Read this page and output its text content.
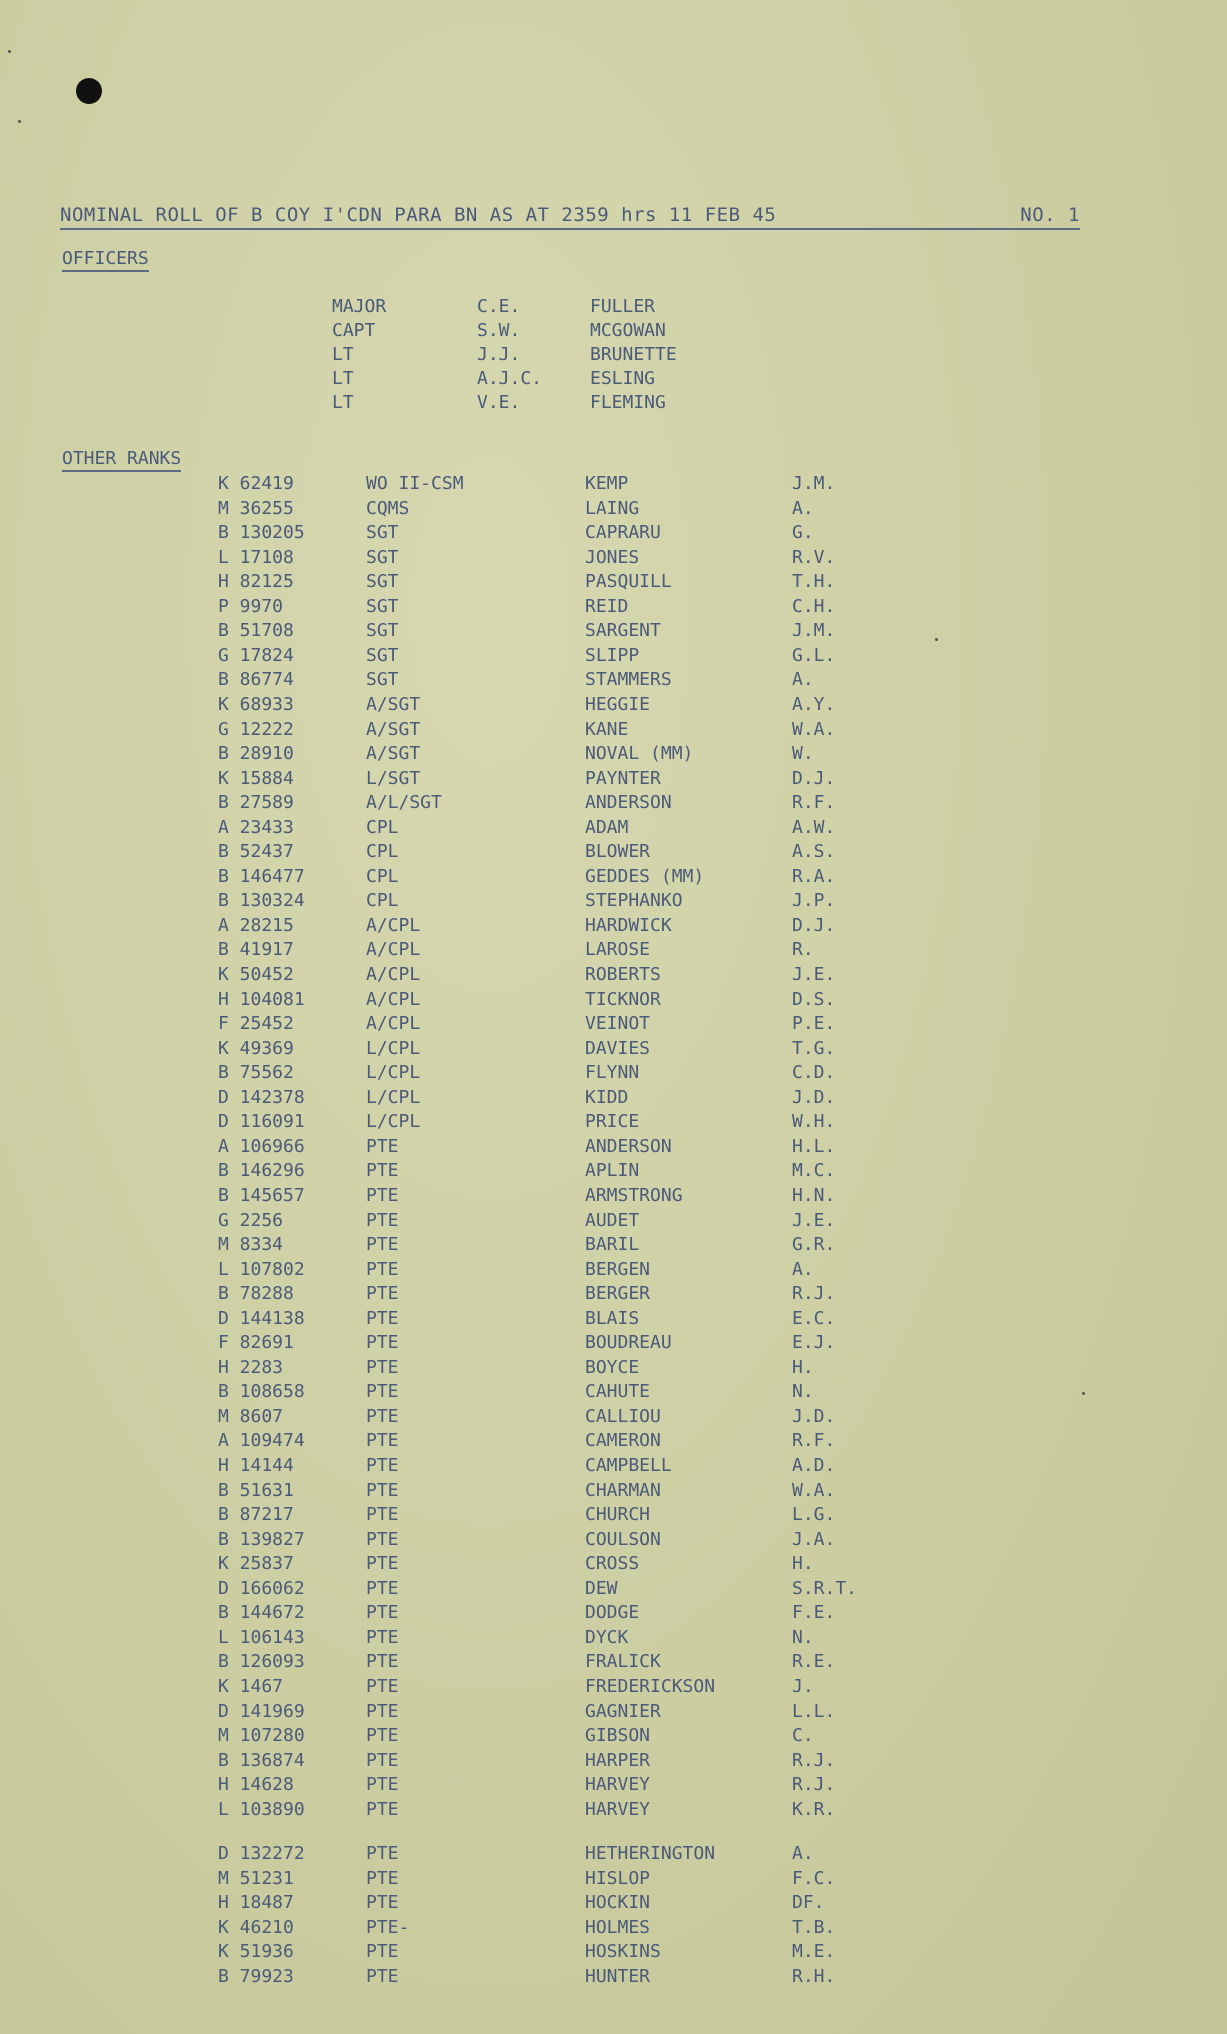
NOMINAL ROLL OF B COY I'CDN PARA BN AS AT 2359 hrs 11 FEB 45	NO. 1
OFFICERS
MAJOR	C.E.	FULLER
CAPT	S.W.	MCGOWAN
LT	J.J.	BRUNETTE
LT	A.J.C.	ESLING
LT	V.E.	FLEMING
OTHER RANKS
K 62419	WO II-CSM	KEMP	J.M.
M 36255	CQMS	LAING	A.
B 130205	SGT	CAPRARU	G.
L 17108	SGT	JONES	R.V.
H 82125	SGT	PASQUILL	T.H.
P 9970	SGT	REID	C.H.
B 51708	SGT	SARGENT	J.M.
G 17824	SGT	SLIPP	G.L.
B 86774	SGT	STAMMERS	A.
K 68933	A/SGT	HEGGIE	A.Y.
G 12222	A/SGT	KANE	W.A.
B 28910	A/SGT	NOVAL (MM)	W.
K 15884	L/SGT	PAYNTER	D.J.
B 27589	A/L/SGT	ANDERSON	R.F.
A 23433	CPL	ADAM	A.W.
B 52437	CPL	BLOWER	A.S.
B 146477	CPL	GEDDES (MM)	R.A.
B 130324	CPL	STEPHANKO	J.P.
A 28215	A/CPL	HARDWICK	D.J.
B 41917	A/CPL	LAROSE	R.
K 50452	A/CPL	ROBERTS	J.E.
H 104081	A/CPL	TICKNOR	D.S.
F 25452	A/CPL	VEINOT	P.E.
K 49369	L/CPL	DAVIES	T.G.
B 75562	L/CPL	FLYNN	C.D.
D 142378	L/CPL	KIDD	J.D.
D 116091	L/CPL	PRICE	W.H.
A 106966	PTE	ANDERSON	H.L.
B 146296	PTE	APLIN	M.C.
B 145657	PTE	ARMSTRONG	H.N.
G 2256	PTE	AUDET	J.E.
M 8334	PTE	BARIL	G.R.
L 107802	PTE	BERGEN	A.
B 78288	PTE	BERGER	R.J.
D 144138	PTE	BLAIS	E.C.
F 82691	PTE	BOUDREAU	E.J.
H 2283	PTE	BOYCE	H.
B 108658	PTE	CAHUTE	N.
M 8607	PTE	CALLIOU	J.D.
A 109474	PTE	CAMERON	R.F.
H 14144	PTE	CAMPBELL	A.D.
B 51631	PTE	CHARMAN	W.A.
B 87217	PTE	CHURCH	L.G.
B 139827	PTE	COULSON	J.A.
K 25837	PTE	CROSS	H.
D 166062	PTE	DEW	S.R.T.
B 144672	PTE	DODGE	F.E.
L 106143	PTE	DYCK	N.
B 126093	PTE	FRALICK	R.E.
K 1467	PTE	FREDERICKSON	J.
D 141969	PTE	GAGNIER	L.L.
M 107280	PTE	GIBSON	C.
B 136874	PTE	HARPER	R.J.
H 14628	PTE	HARVEY	R.J.
L 103890	PTE	HARVEY	K.R.
D 132272	PTE	HETHERINGTON	A.
M 51231	PTE	HISLOP	F.C.
H 18487	PTE	HOCKIN	DF.
K 46210	PTE-	HOLMES	T.B.
K 51936	PTE	HOSKINS	M.E.
B 79923	PTE	HUNTER	R.H.
